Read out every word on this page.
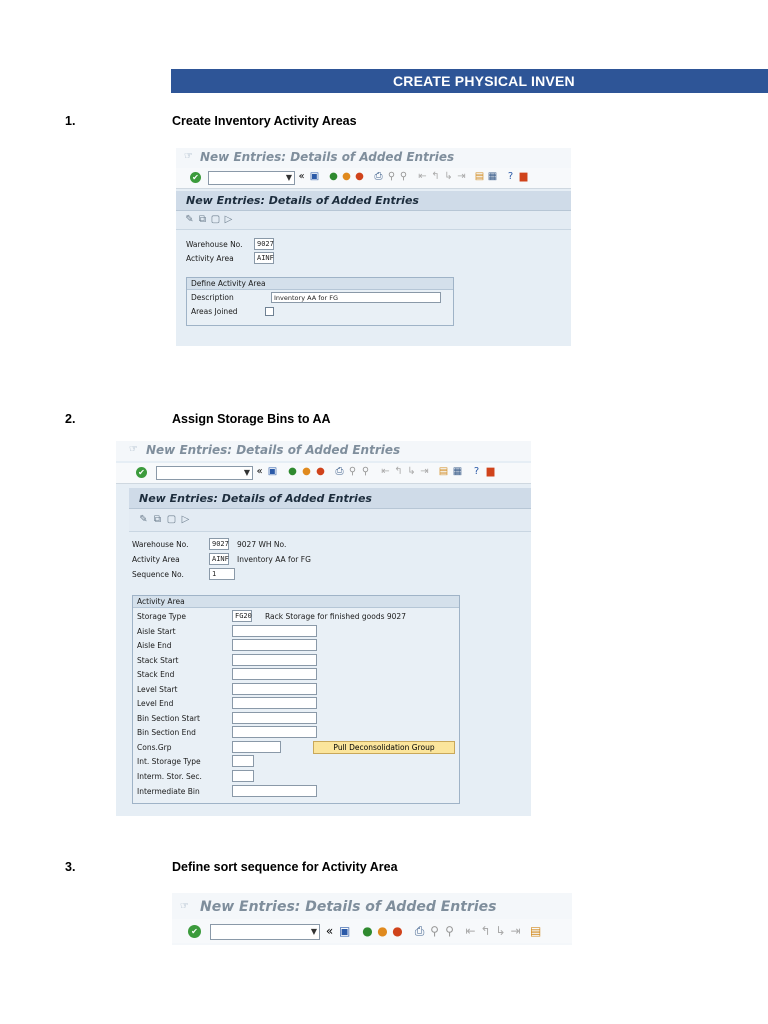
CREATE PHYSICAL INVEN
1.	Create Inventory Activity Areas
☞ New Entries: Details of Added Entries
✔	▼ « ▣ ● ● ● ⎙ ⚲ ⚲ ⇤ ↰ ↳ ⇥ ▤ ▦ ? ▆
New Entries: Details of Added Entries
✎ ⧉ ▢ ▷
Warehouse No.	9027
Activity Area	AINF
Define Activity Area
Description	Inventory AA for FG
Areas Joined
2.	Assign Storage Bins to AA
☞ New Entries: Details of Added Entries
✔	▼ « ▣ ● ● ● ⎙ ⚲ ⚲ ⇤ ↰ ↳ ⇥ ▤ ▦ ? ▆
New Entries: Details of Added Entries
✎ ⧉ ▢ ▷
Warehouse No.	9027 9027 WH No.
Activity Area	AINF Inventory AA for FG
Sequence No.	1
Activity Area
Storage Type	FG20 Rack Storage for finished goods 9027
Aisle Start
Aisle End
Stack Start
Stack End
Level Start
Level End
Bin Section Start
Bin Section End
Cons.Grp	Pull Deconsolidation Group
Int. Storage Type
Interm. Stor. Sec.
Intermediate Bin
3.	Define sort sequence for Activity Area
☞ New Entries: Details of Added Entries
✔	▼ « ▣ ● ● ● ⎙ ⚲ ⚲ ⇤ ↰ ↳ ⇥ ▤
